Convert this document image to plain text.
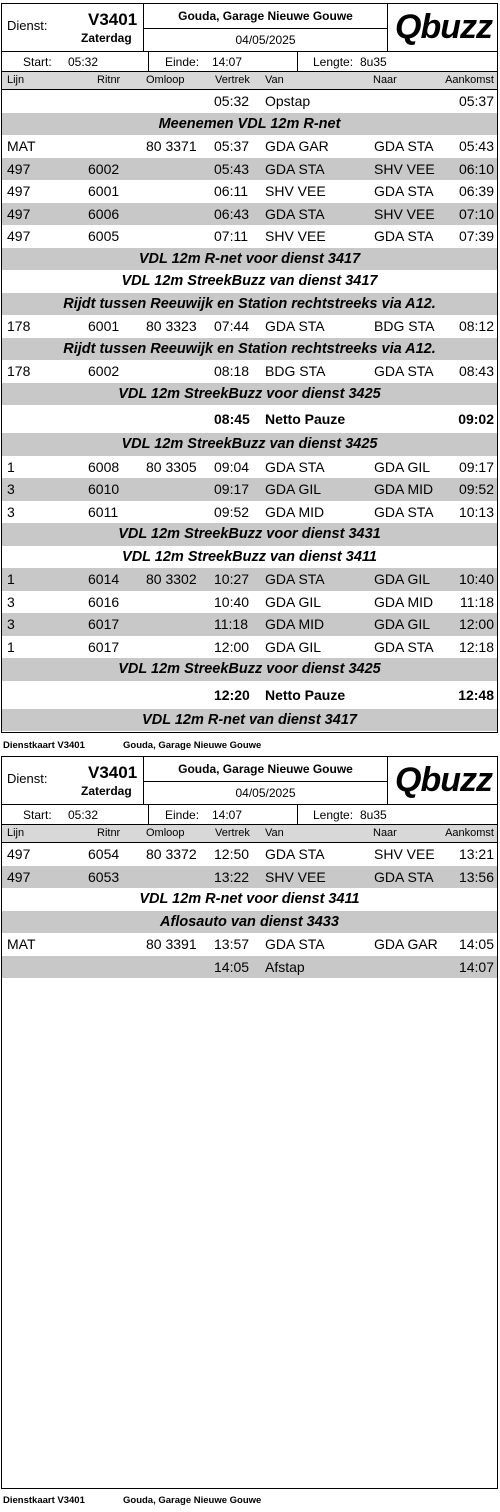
Dienst: V3401
Zaterdag
Gouda, Garage Nieuwe Gouwe
04/05/2025	Qbuzz
Start: 05:32	Einde: 14:07	Lengte: 8u35
Lijn	Ritnr Omloop	Vertrek Van	Naar	Aankomst
05:32 Opstap	05:37
Meenemen VDL 12m R-net
MAT	80 3371 05:37 GDA GAR	GDA STA 05:43
497	6002	05:43 GDA STA	SHV VEE 06:10
497	6001	06:11 SHV VEE	GDA STA 06:39
497	6006	06:43 GDA STA	SHV VEE 07:10
497	6005	07:11 SHV VEE	GDA STA 07:39
VDL 12m R-net voor dienst 3417
VDL 12m StreekBuzz van dienst 3417
Rijdt tussen Reeuwijk en Station rechtstreeks via A12.
178	6001 80 3323 07:44 GDA STA	BDG STA 08:12
Rijdt tussen Reeuwijk en Station rechtstreeks via A12.
178	6002	08:18 BDG STA	GDA STA 08:43
VDL 12m StreekBuzz voor dienst 3425
08:45 Netto Pauze	09:02
VDL 12m StreekBuzz van dienst 3425
1	6008 80 3305 09:04 GDA STA	GDA GIL 09:17
3	6010	09:17 GDA GIL	GDA MID 09:52
3	6011	09:52 GDA MID	GDA STA 10:13
VDL 12m StreekBuzz voor dienst 3431
VDL 12m StreekBuzz van dienst 3411
1	6014 80 3302 10:27 GDA STA	GDA GIL 10:40
3	6016	10:40 GDA GIL	GDA MID 11:18
3	6017	11:18 GDA MID	GDA GIL 12:00
1	6017	12:00 GDA GIL	GDA STA 12:18
VDL 12m StreekBuzz voor dienst 3425
12:20 Netto Pauze	12:48
VDL 12m R-net van dienst 3417
Dienstkaart V3401	Gouda, Garage Nieuwe Gouwe
Dienst: V3401
Zaterdag
Gouda, Garage Nieuwe Gouwe
04/05/2025	Qbuzz
Start: 05:32	Einde: 14:07	Lengte: 8u35
Lijn	Ritnr Omloop	Vertrek Van	Naar	Aankomst
497	6054 80 3372 12:50 GDA STA	SHV VEE 13:21
497	6053	13:22 SHV VEE	GDA STA 13:56
VDL 12m R-net voor dienst 3411
Aflosauto van dienst 3433
MAT	80 3391 13:57 GDA STA	GDA GAR 14:05
14:05 Afstap	14:07
Dienstkaart V3401	Gouda, Garage Nieuwe Gouwe
